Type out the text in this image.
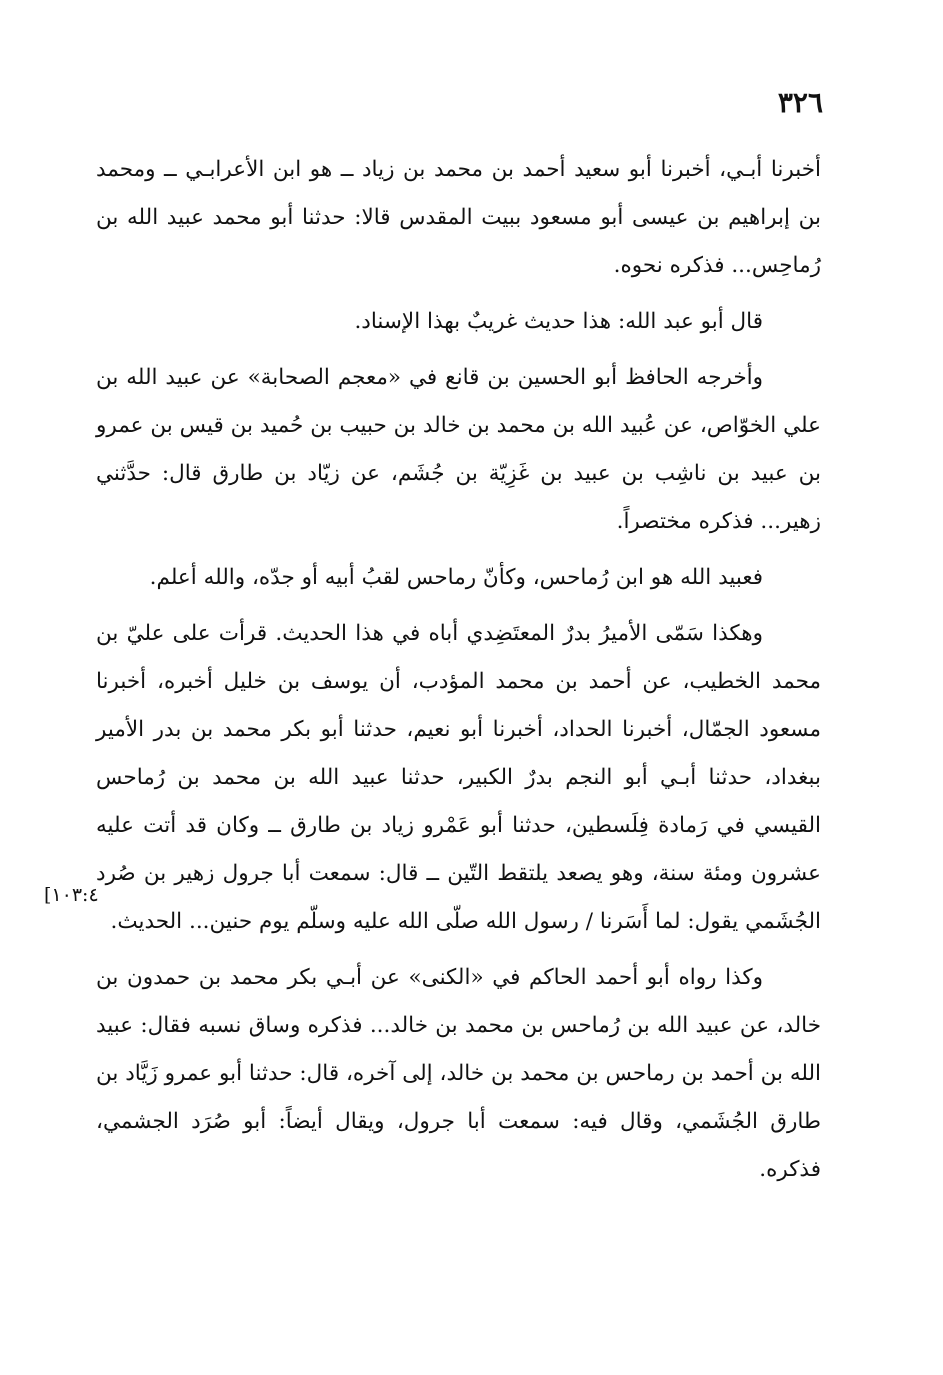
٣٢٦
[١٠٣:٤

أخبرنا أبـي، أخبرنا أبو سعيد أحمد بن محمد بن زياد ــ هو ابن الأعرابـي ــ ومحمد بن إبراهيم بن عيسى أبو مسعود ببيت المقدس قالا: حدثنا أبو محمد عبيد الله بن رُماحِس... فذكره نحوه.

قال أبو عبد الله: هذا حديث غريبٌ بهذا الإسناد.

وأخرجه الحافظ أبو الحسين بن قانع في «معجم الصحابة» عن عبيد الله بن علي الخوّاص، عن عُبيد الله بن محمد بن خالد بن حبيب بن حُميد بن قيس بن عمرو بن عبيد بن ناشِب بن عبيد بن غَزِيّة بن جُشَم، عن زيّاد بن طارق قال: حدَّثني زهير... فذكره مختصراً.

فعبيد الله هو ابن رُماحس، وكأنّ رماحس لقبُ أبيه أو جدّه، والله أعلم.

وهكذا سَمّى الأميرُ بدرٌ المعتَضِدي أباه في هذا الحديث. قرأت على عليّ بن محمد الخطيب، عن أحمد بن محمد المؤدب، أن يوسف بن خليل أخبره، أخبرنا مسعود الجمّال، أخبرنا الحداد، أخبرنا أبو نعيم، حدثنا أبو بكر محمد بن بدر الأمير ببغداد، حدثنا أبـي أبو النجم بدرٌ الكبير، حدثنا عبيد الله بن محمد بن رُماحس القيسي في رَمادة فِلَسطين، حدثنا أبو عَمْرو زياد بن طارق ــ وكان قد أتت عليه عشرون ومئة سنة، وهو يصعد يلتقط التّين ــ قال: سمعت أبا جرول زهير بن صُرد الجُشَمي يقول: لما أَسَرنا / رسول الله صلّى الله عليه وسلّم يوم حنين... الحديث.

وكذا رواه أبو أحمد الحاكم في «الكنى» عن أبـي بكر محمد بن حمدون بن خالد، عن عبيد الله بن رُماحس بن محمد بن خالد... فذكره وساق نسبه فقال: عبيد الله بن أحمد بن رماحس بن محمد بن خالد، إلى آخره، قال: حدثنا أبو عمرو زَيَّاد بن طارق الجُشَمي، وقال فيه: سمعت أبا جرول، ويقال أيضاً: أبو صُرَد الجشمي، فذكره.
